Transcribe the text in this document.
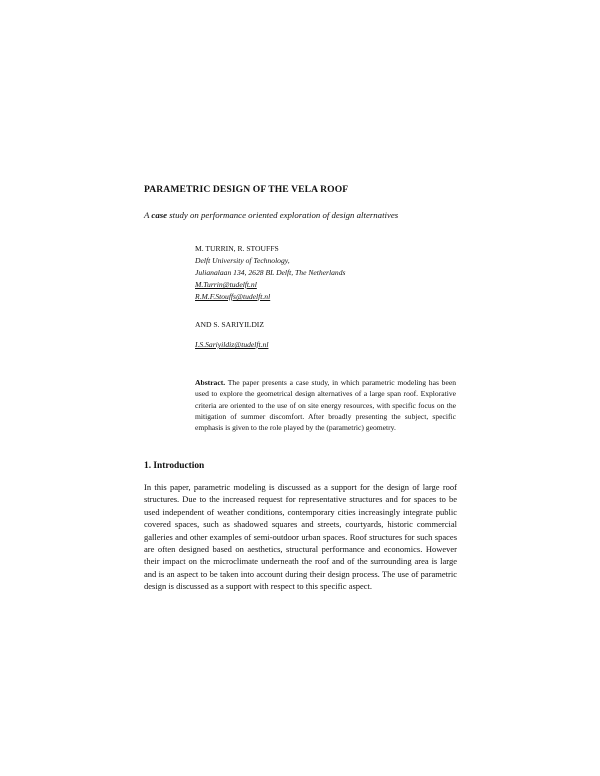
PARAMETRIC DESIGN OF THE VELA ROOF
A case study on performance oriented exploration of design alternatives
M. TURRIN, R. STOUFFS
Delft University of Technology,
Julianalaan 134, 2628 BL Delft, The Netherlands
M.Turrin@tudelft.nl
R.M.F.Stouffs@tudelft.nl
AND S. SARIYILDIZ
I.S.Sariyildiz@tudelft.nl
Abstract. The paper presents a case study, in which parametric modeling has been used to explore the geometrical design alternatives of a large span roof. Explorative criteria are oriented to the use of on site energy resources, with specific focus on the mitigation of summer discomfort. After broadly presenting the subject, specific emphasis is given to the role played by the (parametric) geometry.
1. Introduction
In this paper, parametric modeling is discussed as a support for the design of large roof structures. Due to the increased request for representative structures and for spaces to be used independent of weather conditions, contemporary cities increasingly integrate public covered spaces, such as shadowed squares and streets, courtyards, historic commercial galleries and other examples of semi-outdoor urban spaces. Roof structures for such spaces are often designed based on aesthetics, structural performance and economics. However their impact on the microclimate underneath the roof and of the surrounding area is large and is an aspect to be taken into account during their design process. The use of parametric design is discussed as a support with respect to this specific aspect.
